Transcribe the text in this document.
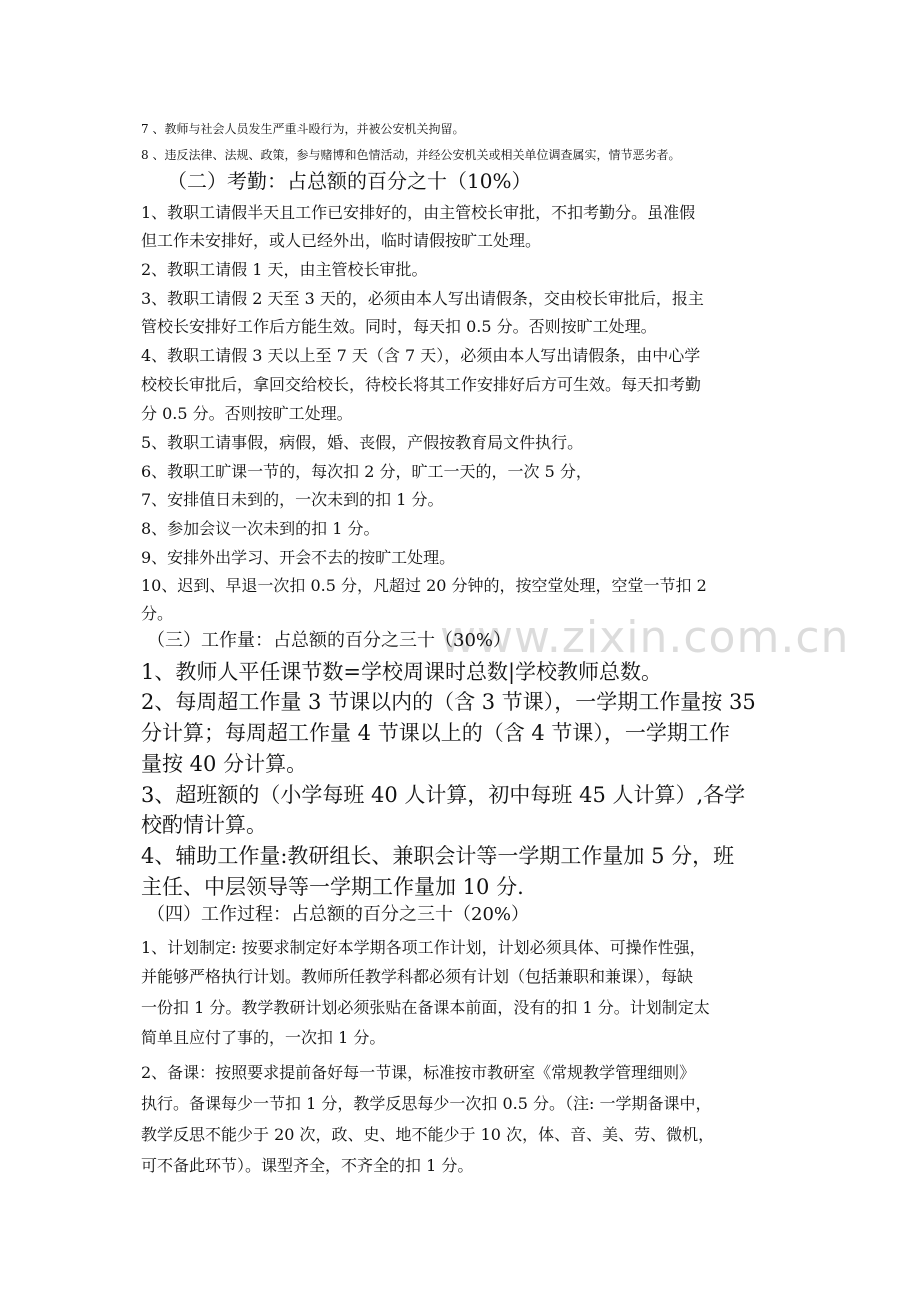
www.zixin.com.cn
7 、教师与社会人员发生严重斗殴行为，并被公安机关拘留。
8 、违反法律、法规、政策，参与赌博和色情活动，并经公安机关或相关单位调查属实，情节恶劣者。
（二）考勤：占总额的百分之十（10%）
1、教职工请假半天且工作已安排好的，由主管校长审批，不扣考勤分。虽准假
但工作未安排好，或人已经外出，临时请假按旷工处理。
2、教职工请假 1 天，由主管校长审批。
3、教职工请假 2 天至 3 天的，必须由本人写出请假条，交由校长审批后，报主
管校长安排好工作后方能生效。同时，每天扣 0.5 分。否则按旷工处理。
4、教职工请假 3 天以上至 7 天（含 7 天），必须由本人写出请假条，由中心学
校校长审批后，拿回交给校长，待校长将其工作安排好后方可生效。每天扣考勤
分 0.5 分。否则按旷工处理。
5、教职工请事假，病假，婚、丧假，产假按教育局文件执行。
6、教职工旷课一节的，每次扣 2 分，旷工一天的，一次 5 分，
7、安排值日未到的，一次未到的扣 1 分。
8、参加会议一次未到的扣 1 分。
9、安排外出学习、开会不去的按旷工处理。
10、迟到、早退一次扣 0.5 分，凡超过 20 分钟的，按空堂处理，空堂一节扣 2
分。
（三）工作量：占总额的百分之三十（30%）
1、教师人平任课节数=学校周课时总数|学校教师总数。
2、每周超工作量 3 节课以内的（含 3 节课），一学期工作量按 35
分计算；每周超工作量 4 节课以上的（含 4 节课），一学期工作
量按 40 分计算。
3、超班额的（小学每班 40 人计算，初中每班 45 人计算）,各学
校酌情计算。
4、辅助工作量:教研组长、兼职会计等一学期工作量加 5 分，班
主任、中层领导等一学期工作量加 10 分.
（四）工作过程：占总额的百分之三十（20%）
1、计划制定: 按要求制定好本学期各项工作计划，计划必须具体、可操作性强，
并能够严格执行计划。教师所任教学科都必须有计划（包括兼职和兼课），每缺
一份扣 1 分。教学教研计划必须张贴在备课本前面，没有的扣 1 分。计划制定太
简单且应付了事的，一次扣 1 分。
2、备课：按照要求提前备好每一节课，标准按市教研室《常规教学管理细则》
执行。备课每少一节扣 1 分，教学反思每少一次扣 0.5 分。（注: 一学期备课中，
教学反思不能少于 20 次，政、史、地不能少于 10 次，体、音、美、劳、微机，
可不备此环节）。课型齐全，不齐全的扣 1 分。
